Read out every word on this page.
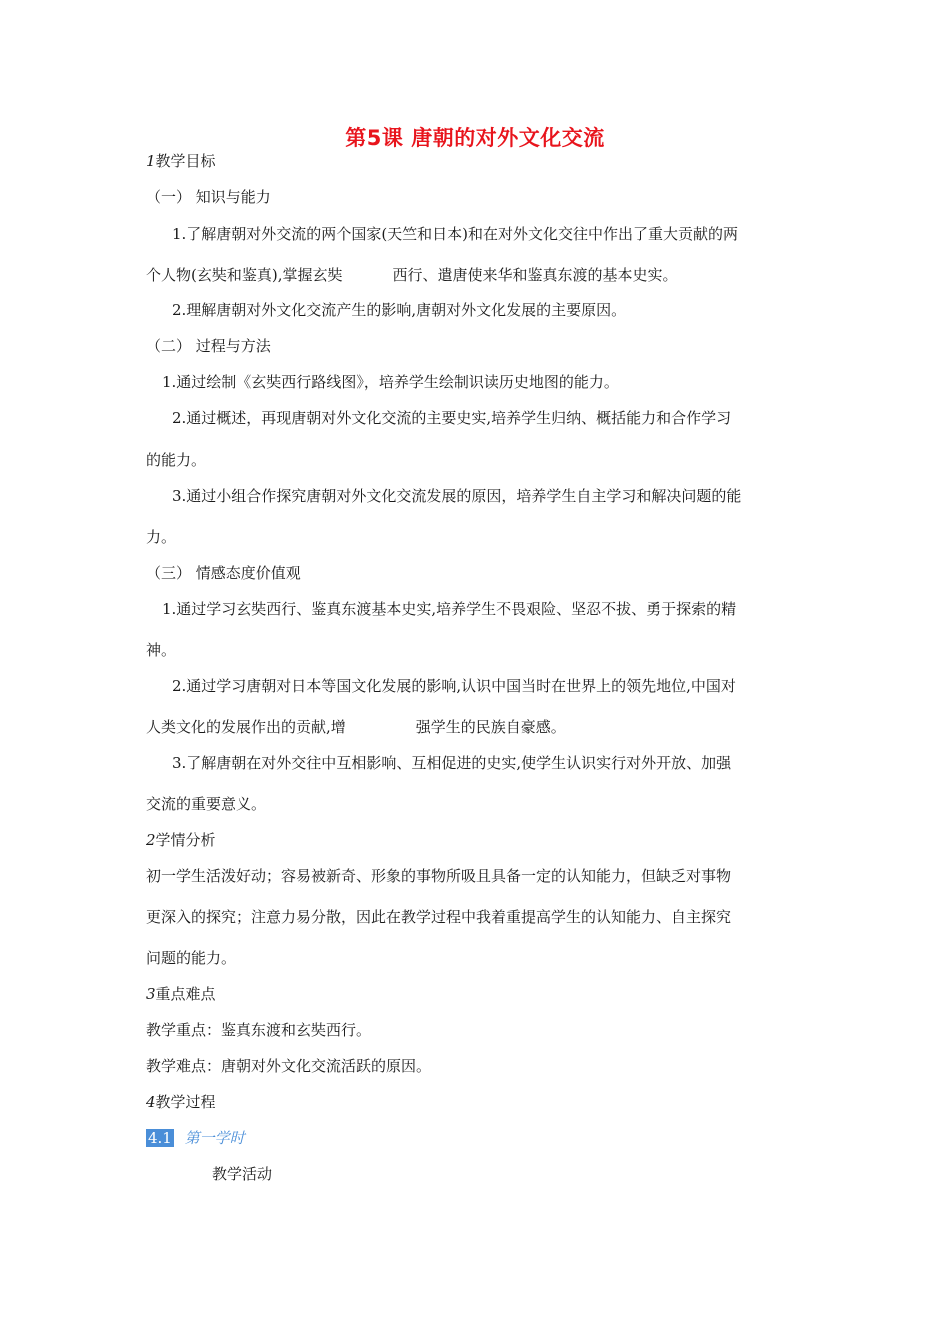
第5课 唐朝的对外文化交流
1教学目标
（一） 知识与能力
1.了解唐朝对外交流的两个国家(天竺和日本)和在对外文化交往中作出了重大贡献的两
个人物(玄奘和鉴真),掌握玄奘	西行、遣唐使来华和鉴真东渡的基本史实。
2.理解唐朝对外文化交流产生的影响,唐朝对外文化发展的主要原因。
（二） 过程与方法
1.通过绘制《玄奘西行路线图》，培养学生绘制识读历史地图的能力。
2.通过概述，再现唐朝对外文化交流的主要史实,培养学生归纳、概括能力和合作学习
的能力。
3.通过小组合作探究唐朝对外文化交流发展的原因，培养学生自主学习和解决问题的能
力。
（三） 情感态度价值观
1.通过学习玄奘西行、鉴真东渡基本史实,培养学生不畏艰险、坚忍不拔、勇于探索的精
神。
2.通过学习唐朝对日本等国文化发展的影响,认识中国当时在世界上的领先地位,中国对
人类文化的发展作出的贡献,增	强学生的民族自豪感。
3.了解唐朝在对外交往中互相影响、互相促进的史实,使学生认识实行对外开放、加强
交流的重要意义。
2学情分析
初一学生活泼好动；容易被新奇、形象的事物所吸且具备一定的认知能力，但缺乏对事物
更深入的探究；注意力易分散，因此在教学过程中我着重提高学生的认知能力、自主探究
问题的能力。
3重点难点
教学重点：鉴真东渡和玄奘西行。
教学难点：唐朝对外文化交流活跃的原因。
4教学过程
4.1 第一学时
教学活动
